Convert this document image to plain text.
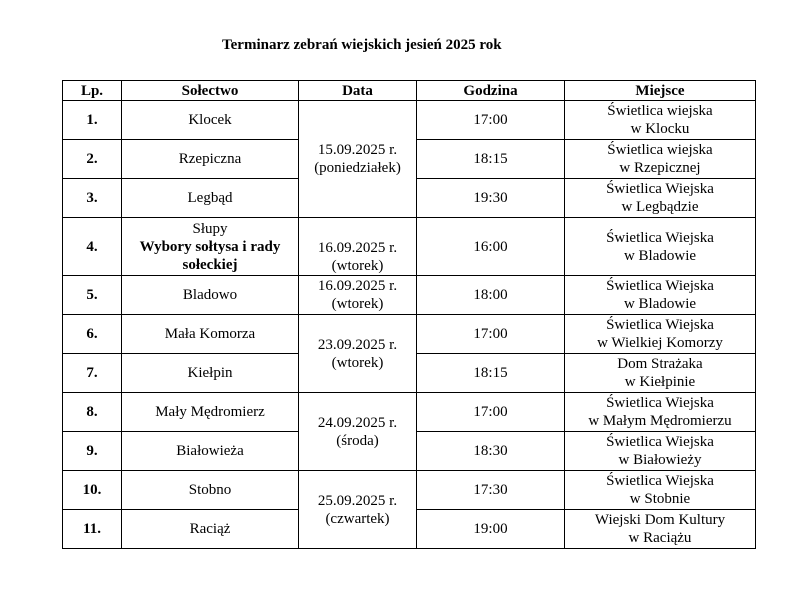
Terminarz zebrań wiejskich jesień 2025 rok
Lp.	Sołectwo	Data	Godzina	Miejsce
1.	Klocek	15.09.2025 r.
(poniedziałek)	17:00	Świetlica wiejska
w Klocku

2.	Rzepiczna		18:15	Świetlica wiejska
w Rzepicznej

3.	Legbąd		19:30	Świetlica Wiejska
w Legbądzie

4.	Słupy
Wybory sołtysa i rady sołeckiej	16.09.2025 r.
(wtorek)	16:00	Świetlica Wiejska
w Bladowie

5.	Bladowo	16.09.2025 r.
(wtorek)	18:00	Świetlica Wiejska
w Bladowie

6.	Mała Komorza	23.09.2025 r.
(wtorek)	17:00	Świetlica Wiejska
w Wielkiej Komorzy

7.	Kiełpin		18:15	Dom Strażaka
w Kiełpinie

8.	Mały Mędromierz	24.09.2025 r.
(środa)	17:00	Świetlica Wiejska
w Małym Mędromierzu

9.	Białowieża		18:30	Świetlica Wiejska
w Białowieży

10.	Stobno	25.09.2025 r.
(czwartek)	17:30	Świetlica Wiejska
w Stobnie

11.	Raciąż		19:00	Wiejski Dom Kultury
w Raciążu
